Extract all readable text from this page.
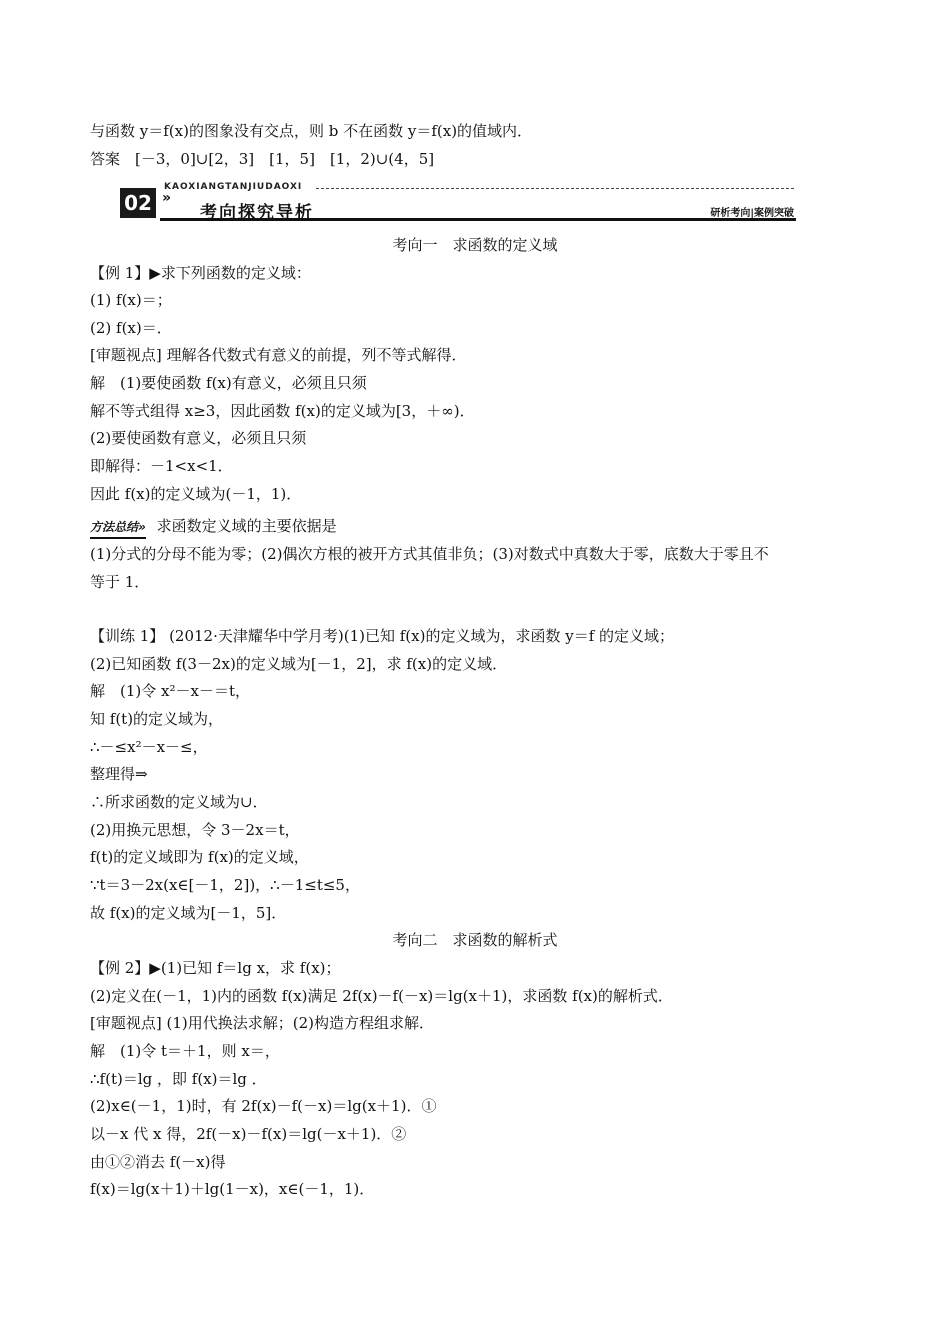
与函数 y＝f(x)的图象没有交点，则 b 不在函数 y＝f(x)的值域内．
答案　[－3，0]∪[2，3]　[1，5]　[1，2)∪(4，5]
02 »
KAOXIANGTANJIUDAOXI
考向探究导析	研析考向|案例突破
考向一　求函数的定义域
【例 1】▶求下列函数的定义域：
(1) f(x)＝；
(2) f(x)＝．
[审题视点] 理解各代数式有意义的前提，列不等式解得．
解　(1)要使函数 f(x)有意义，必须且只须
解不等式组得 x≥3，因此函数 f(x)的定义域为[3，＋∞)．
(2)要使函数有意义，必须且只须
即解得：－1<x<1．
因此 f(x)的定义域为(－1，1)．
方法总结» 求函数定义域的主要依据是
(1)分式的分母不能为零；(2)偶次方根的被开方式其值非负；(3)对数式中真数大于零，底数大于零且不
等于 1．
【训练 1】 (2012·天津耀华中学月考)(1)已知 f(x)的定义域为，求函数 y＝f 的定义域；
(2)已知函数 f(3－2x)的定义域为[－1，2]，求 f(x)的定义域．
解　(1)令 x²－x－＝t，
知 f(t)的定义域为，
∴－≤x²－x－≤，
整理得⇒
∴所求函数的定义域为∪．
(2)用换元思想，令 3－2x＝t，
f(t)的定义域即为 f(x)的定义域，
∵t＝3－2x(x∈[－1，2])，∴－1≤t≤5，
故 f(x)的定义域为[－1，5]．
考向二　求函数的解析式
【例 2】▶(1)已知 f＝lg x，求 f(x)；
(2)定义在(－1，1)内的函数 f(x)满足 2f(x)－f(－x)＝lg(x＋1)，求函数 f(x)的解析式．
[审题视点] (1)用代换法求解；(2)构造方程组求解．
解　(1)令 t＝＋1，则 x＝，
∴f(t)＝lg ，即 f(x)＝lg ．
(2)x∈(－1，1)时，有 2f(x)－f(－x)＝lg(x＋1)．①
以－x 代 x 得，2f(－x)－f(x)＝lg(－x＋1)．②
由①②消去 f(－x)得
f(x)＝lg(x＋1)＋lg(1－x)，x∈(－1，1)．
